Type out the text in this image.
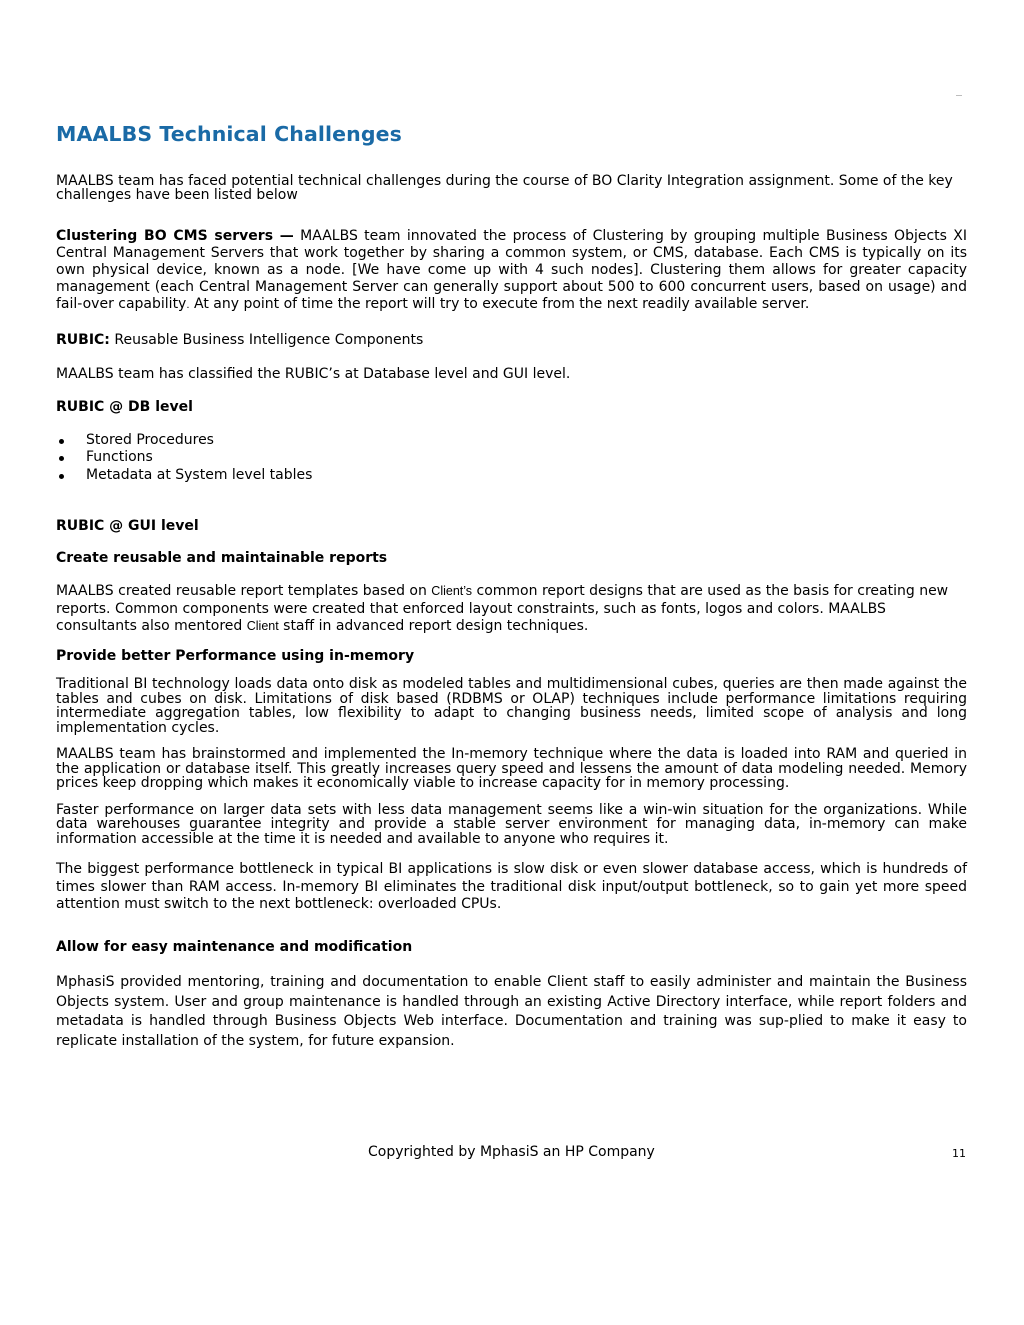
MAALBS Technical Challenges

MAALBS team has faced potential technical challenges during the course of BO Clarity Integration assignment. Some of the key challenges have been listed below

Clustering BO CMS servers — MAALBS team innovated the process of Clustering by grouping multiple Business Objects XI Central Management Servers that work together by sharing a common system, or CMS, database. Each CMS is typically on its own physical device, known as a node. [We have come up with 4 such nodes]. Clustering them allows for greater capacity management (each Central Management Server can generally support about 500 to 600 concurrent users, based on usage) and fail-over capability. At any point of time the report will try to execute from the next readily available server.

RUBIC: Reusable Business Intelligence Components

MAALBS team has classified the RUBIC’s at Database level and GUI level.

RUBIC @ DB level

Stored Procedures
Functions
Metadata at System level tables

RUBIC @ GUI level

Create reusable and maintainable reports

MAALBS created reusable report templates based on Client’s common report designs that are used as the basis for creating new reports. Common components were created that enforced layout constraints, such as fonts, logos and colors. MAALBS consultants also mentored Client staff in advanced report design techniques.

Provide better Performance using in-memory

Traditional BI technology loads data onto disk as modeled tables and multidimensional cubes, queries are then made against the tables and cubes on disk. Limitations of disk based (RDBMS or OLAP) techniques include performance limitations requiring intermediate aggregation tables, low flexibility to adapt to changing business needs, limited scope of analysis and long implementation cycles.

MAALBS team has brainstormed and implemented the In-memory technique where the data is loaded into RAM and queried in the application or database itself. This greatly increases query speed and lessens the amount of data modeling needed. Memory prices keep dropping which makes it economically viable to increase capacity for in memory processing.

Faster performance on larger data sets with less data management seems like a win-win situation for the organizations. While data warehouses guarantee integrity and provide a stable server environment for managing data, in-memory can make information accessible at the time it is needed and available to anyone who requires it.

The biggest performance bottleneck in typical BI applications is slow disk or even slower database access, which is hundreds of times slower than RAM access. In-memory BI eliminates the traditional disk input/output bottleneck, so to gain yet more speed attention must switch to the next bottleneck: overloaded CPUs.

Allow for easy maintenance and modification

MphasiS provided mentoring, training and documentation to enable Client staff to easily administer and maintain the Business Objects system. User and group maintenance is handled through an existing Active Directory interface, while report folders and metadata is handled through Business Objects Web interface. Documentation and training was sup-plied to make it easy to replicate installation of the system, for future expansion.

Copyrighted by MphasiS an HP Company	11
